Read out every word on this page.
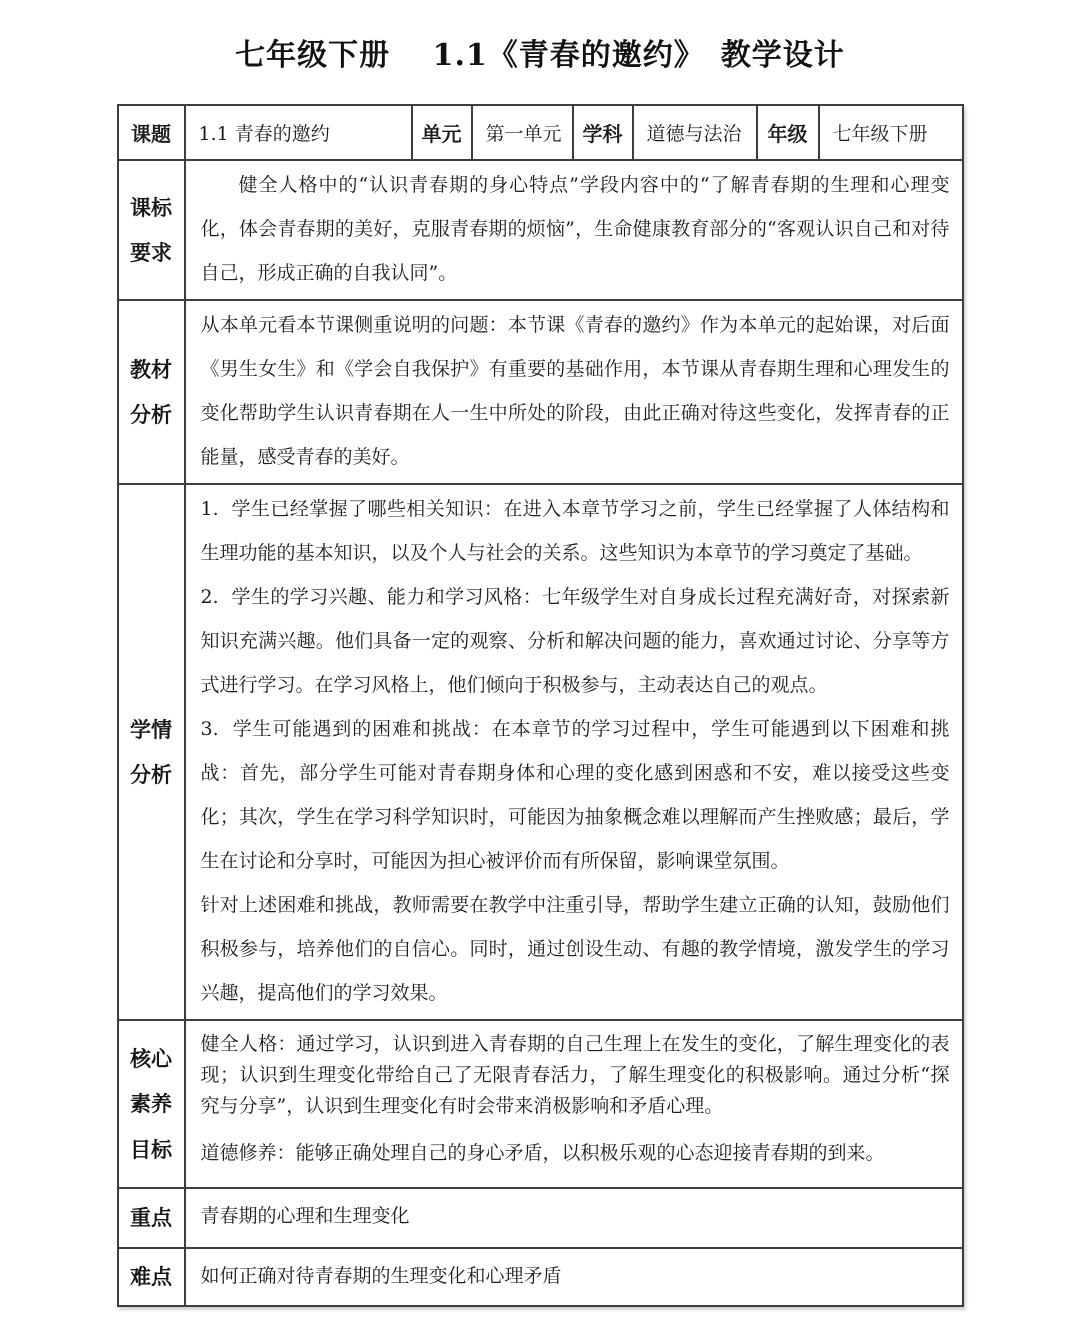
七年级下册　 1.1《青春的邀约》　教学设计
课题	1.1 青春的邀约	单元	第一单元	学科	道德与法治	年级	七年级下册
课标要求	健全人格中的“认识青春期的身心特点”学段内容中的“了解青春期的生理和心理变化，体会青春期的美好，克服青春期的烦恼”，生命健康教育部分的“客观认识自己和对待自己，形成正确的自我认同”。						

教材分析	从本单元看本节课侧重说明的问题：本节课《青春的邀约》作为本单元的起始课，对后面《男生女生》和《学会自我保护》有重要的基础作用，本节课从青春期生理和心理发生的变化帮助学生认识青春期在人一生中所处的阶段，由此正确对待这些变化，发挥青春的正能量，感受青春的美好。						

学情分析	1.  学生已经掌握了哪些相关知识：在进入本章节学习之前，学生已经掌握了人体结构和生理功能的基本知识，以及个人与社会的关系。这些知识为本章节的学习奠定了基础。

2.  学生的学习兴趣、能力和学习风格：七年级学生对自身成长过程充满好奇，对探索新知识充满兴趣。他们具备一定的观察、分析和解决问题的能力，喜欢通过讨论、分享等方式进行学习。在学习风格上，他们倾向于积极参与，主动表达自己的观点。

3.  学生可能遇到的困难和挑战：在本章节的学习过程中，学生可能遇到以下困难和挑战：首先，部分学生可能对青春期身体和心理的变化感到困惑和不安，难以接受这些变化；其次，学生在学习科学知识时，可能因为抽象概念难以理解而产生挫败感；最后，学生在讨论和分享时，可能因为担心被评价而有所保留，影响课堂氛围。

针对上述困难和挑战，教师需要在教学中注重引导，帮助学生建立正确的认知，鼓励他们积极参与，培养他们的自信心。同时，通过创设生动、有趣的教学情境，激发学生的学习兴趣，提高他们的学习效果。						

核心素养目标	健全人格：通过学习，认识到进入青春期的自己生理上在发生的变化，了解生理变化的表现；认识到生理变化带给自己了无限青春活力，了解生理变化的积极影响。通过分析“探究与分享”，认识到生理变化有时会带来消极影响和矛盾心理。

道德修养：能够正确处理自己的身心矛盾，以积极乐观的心态迎接青春期的到来。						

重点	青春期的心理和生理变化						
难点	如何正确对待青春期的生理变化和心理矛盾						
